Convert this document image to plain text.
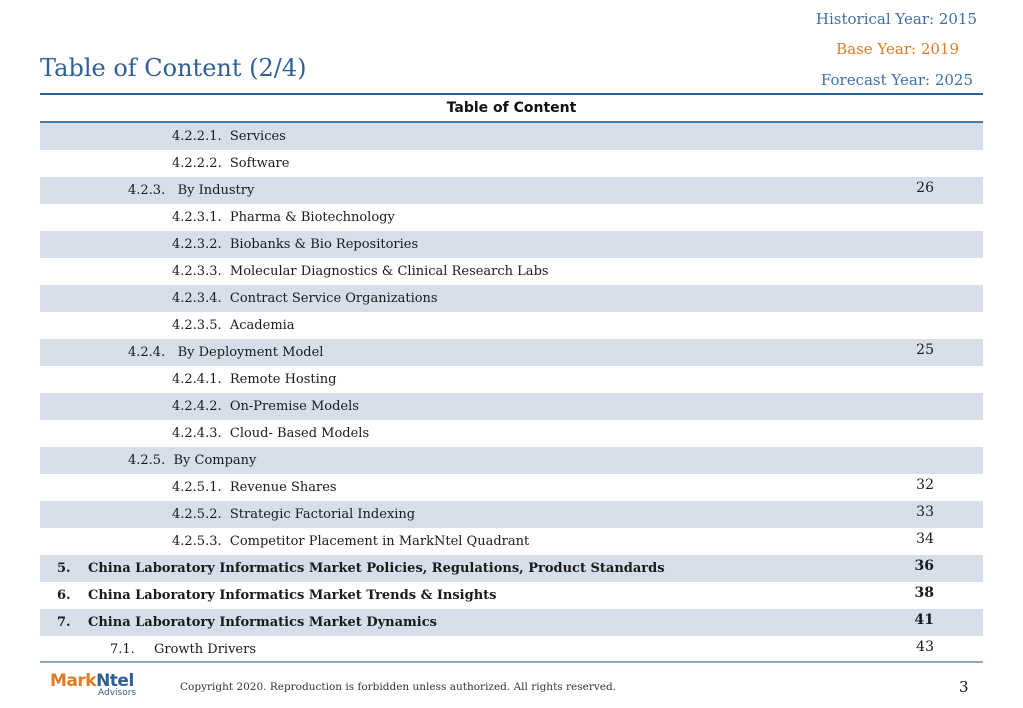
Historical Year: 2015
Base Year: 2019
Forecast Year: 2025
Table of Content (2/4)
Table of Content
4.2.2.1.  Services
4.2.2.2.  Software
4.2.3.   By Industry	26
4.2.3.1.  Pharma & Biotechnology
4.2.3.2.  Biobanks & Bio Repositories
4.2.3.3.  Molecular Diagnostics & Clinical Research Labs
4.2.3.4.  Contract Service Organizations
4.2.3.5.  Academia
4.2.4.   By Deployment Model	25
4.2.4.1.  Remote Hosting
4.2.4.2.  On-Premise Models
4.2.4.3.  Cloud- Based Models
4.2.5.  By Company
4.2.5.1.  Revenue Shares	32
4.2.5.2.  Strategic Factorial Indexing	33
4.2.5.3.  Competitor Placement in MarkNtel Quadrant	34
5. China Laboratory Informatics Market Policies, Regulations, Product Standards	36
6. China Laboratory Informatics Market Trends & Insights	38
7. China Laboratory Informatics Market Dynamics	41
7.1. Growth Drivers	43
MarkNtel
Advisors	Copyright 2020. Reproduction is forbidden unless authorized. All rights reserved.	3
